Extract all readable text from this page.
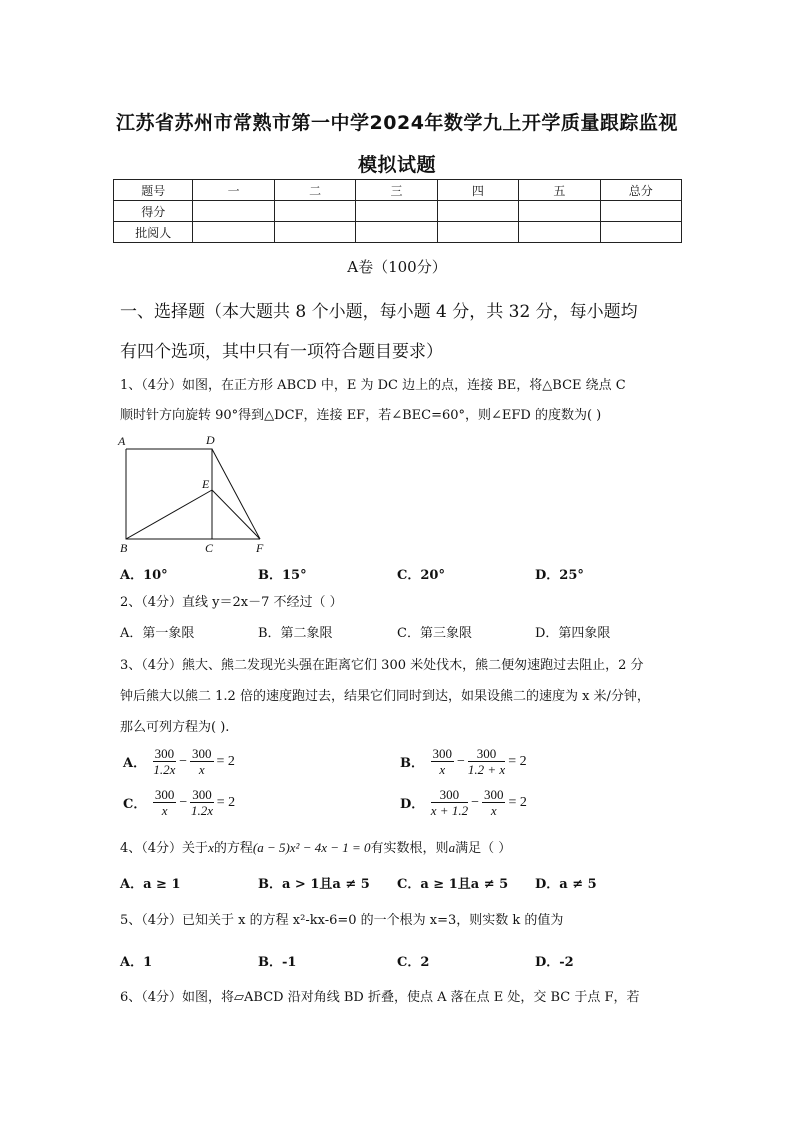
江苏省苏州市常熟市第一中学2024年数学九上开学质量跟踪监视
模拟试题
题号	一	二	三	四	五	总分
得分						
批阅人						
A卷（100分）
一、选择题（本大题共 8 个小题，每小题 4 分，共 32 分，每小题均
有四个选项，其中只有一项符合题目要求）
1、（4分）如图，在正方形 ABCD 中，E 为 DC 边上的点，连接 BE，将△BCE 绕点 C
顺时针方向旋转 90°得到△DCF，连接 EF，若∠BEC=60°，则∠EFD 的度数为( )
A	D
E
B	C	F
A．10°	B．15°	C．20°	D．25°
2、（4分）直线 y＝2x－7 不经过（ ）
A．第一象限	B．第二象限	C．第三象限	D．第四象限
3、（4分）熊大、熊二发现光头强在距离它们 300 米处伐木，熊二便匆速跑过去阻止，2 分
钟后熊大以熊二 1.2 倍的速度跑过去，结果它们同时到达，如果设熊二的速度为 x 米/分钟，
那么可列方程为( ).
A． $\frac{300}{1.2x} - \frac{300}{x} = 2$	B． $\frac{300}{x} - \frac{300}{1.2 + x} = 2$
C． $\frac{300}{x} - \frac{300}{1.2x} = 2$	D． $\frac{300}{x + 1.2} - \frac{300}{x} = 2$
4、（4分）关于x的方程(a − 5)x² − 4x − 1 = 0有实数根，则a满足（ ）
A．a ≥ 1	B．a > 1且a ≠ 5 C．a ≥ 1且a ≠ 5 D．a ≠ 5
5、（4分）已知关于 x 的方程 x²-kx-6=0 的一个根为 x=3，则实数 k 的值为
A．1	B．-1	C．2	D．-2
6、（4分）如图，将▱ABCD 沿对角线 BD 折叠，使点 A 落在点 E 处，交 BC 于点 F，若
